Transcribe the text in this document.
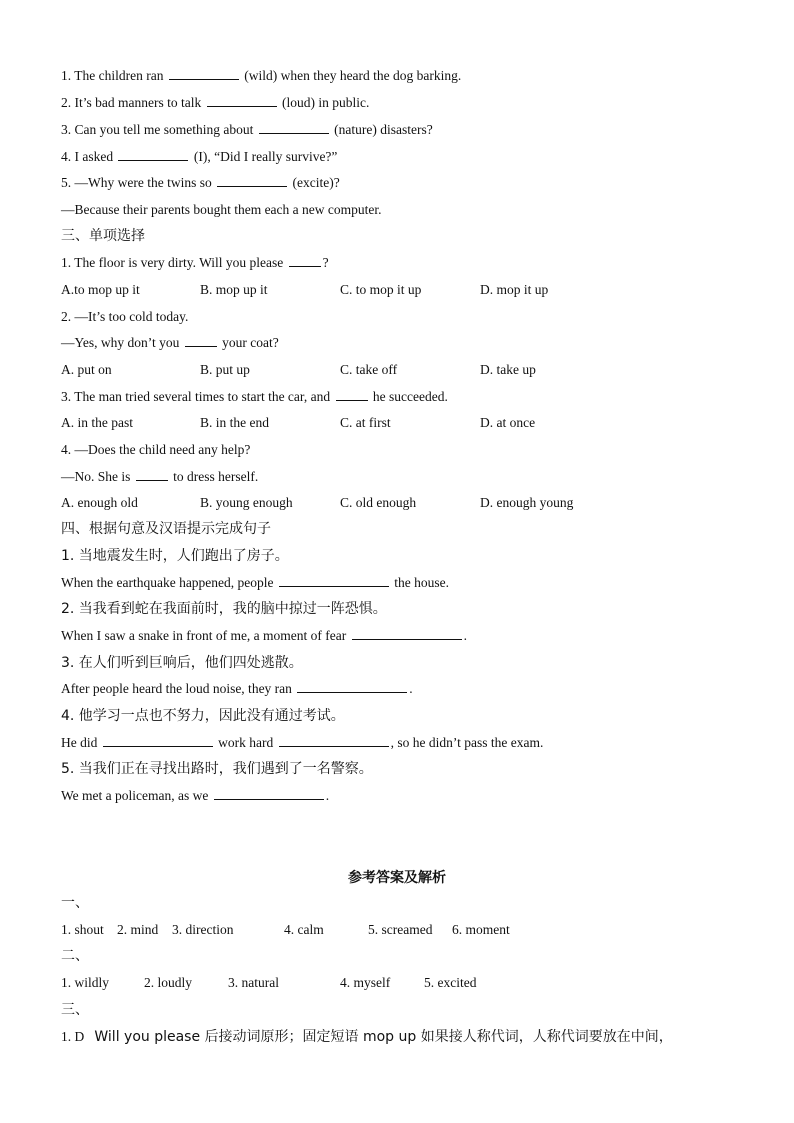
1. The children ran	(wild) when they heard the dog barking.
2. It’s bad manners to talk	(loud) in public.
3. Can you tell me something about	(nature) disasters?
4. I asked	(I), “Did I really survive?”
5. —Why were the twins so	(excite)?
—Because their parents bought them each a new computer.
三、单项选择
1. The floor is very dirty. Will you please	?
A.to mop up it	B. mop up it	C. to mop it up	D. mop it up
2. —It’s too cold today.
—Yes, why don’t you	your coat?
A. put on	B. put up	C. take off	D. take up
3. The man tried several times to start the car, and	he succeeded.
A. in the past	B. in the end	C. at first	D. at once
4. —Does the child need any help?
—No. She is	to dress herself.
A. enough old	B. young enough	C. old enough	D. enough young
四、根据句意及汉语提示完成句子
1. 当地震发生时，人们跑出了房子。
When the earthquake happened, people	the house.
2. 当我看到蛇在我面前时，我的脑中掠过一阵恐惧。
When I saw a snake in front of me, a moment of fear	.
3. 在人们听到巨响后，他们四处逃散。
After people heard the loud noise, they ran	.
4. 他学习一点也不努力，因此没有通过考试。
He did	work hard	, so he didn’t pass the exam.
5. 当我们正在寻找出路时，我们遇到了一名警察。
We met a policeman, as we	.
参考答案及解析
一、
1. shout 2. mind 3. direction	4. calm	5. screamed 6. moment
二、
1. wildly	2. loudly	3. natural	4. myself	5. excited
三、
1. D Will you please 后接动词原形；固定短语 mop up 如果接人称代词，人称代词要放在中间，
